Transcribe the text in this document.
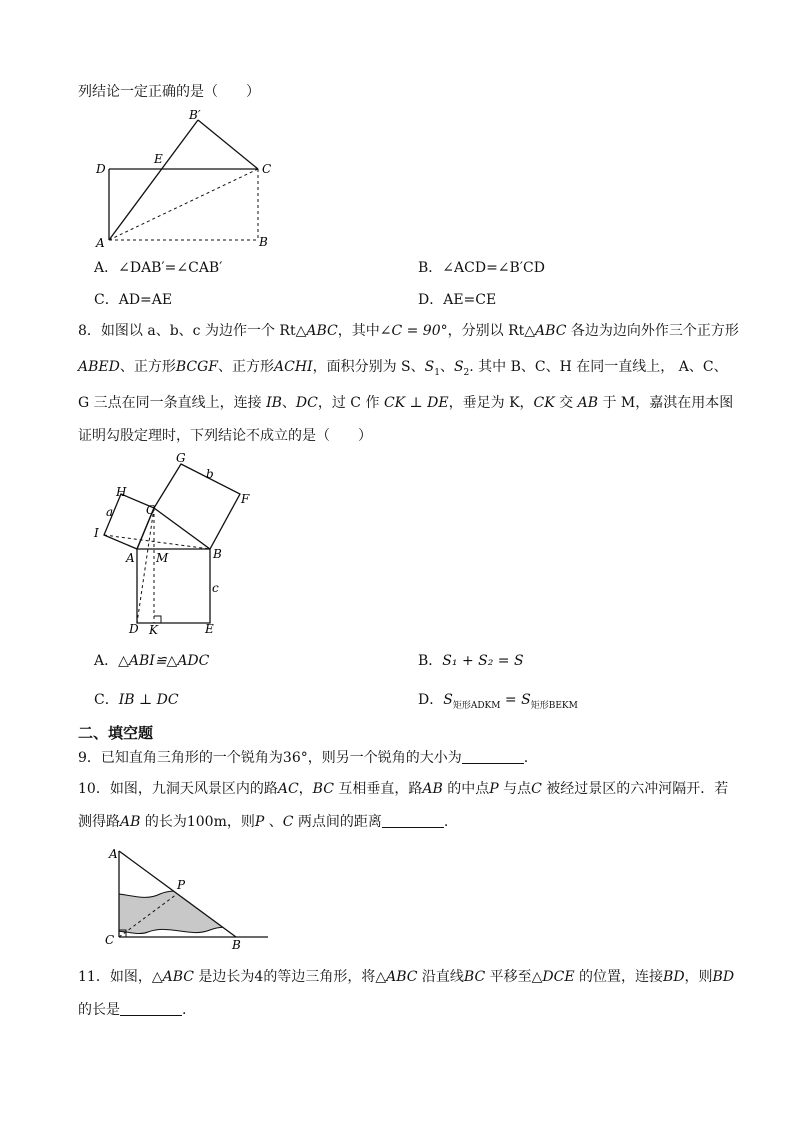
列结论一定正确的是（　　）
B′
D
E
C
A	B
A．∠DAB′=∠CAB′	B．∠ACD=∠B′CD
C．AD=AE	D．AE=CE
8．如图以 a、b、c 为边作一个 Rt△ABC，其中∠C = 90°，分别以 Rt△ABC 各边为边向外作三个正方形
ABED、正方形BCGF、正方形ACHI，面积分别为 S、$S_1$、$S_2$. 其中 B、C、H 在同一直线上， A、C、
G 三点在同一条直线上，连接 IB、DC，过 C 作 CK ⊥ DE，垂足为 K，CK 交 AB 于 M，嘉淇在用本图
证明勾股定理时，下列结论不成立的是（　　）
G
b
F
H
C
a
I
A M	B
c
D K	E
A．△ABI≌△ADC	B．S₁ + S₂ = S
C．IB ⊥ DC	D．$S_{矩形ADKM} = S_{矩形BEKM}$
二、填空题
9．已知直角三角形的一个锐角为36°，则另一个锐角的大小为	.
10．如图，九洞天风景区内的路AC，BC 互相垂直，路AB 的中点P 与点C 被经过景区的六冲河隔开．若
测得路AB 的长为100m，则P 、C 两点间的距离	.
A
P
C	B
11．如图，△ABC 是边长为4的等边三角形，将△ABC 沿直线BC 平移至△DCE 的位置，连接BD，则BD
的长是	.
